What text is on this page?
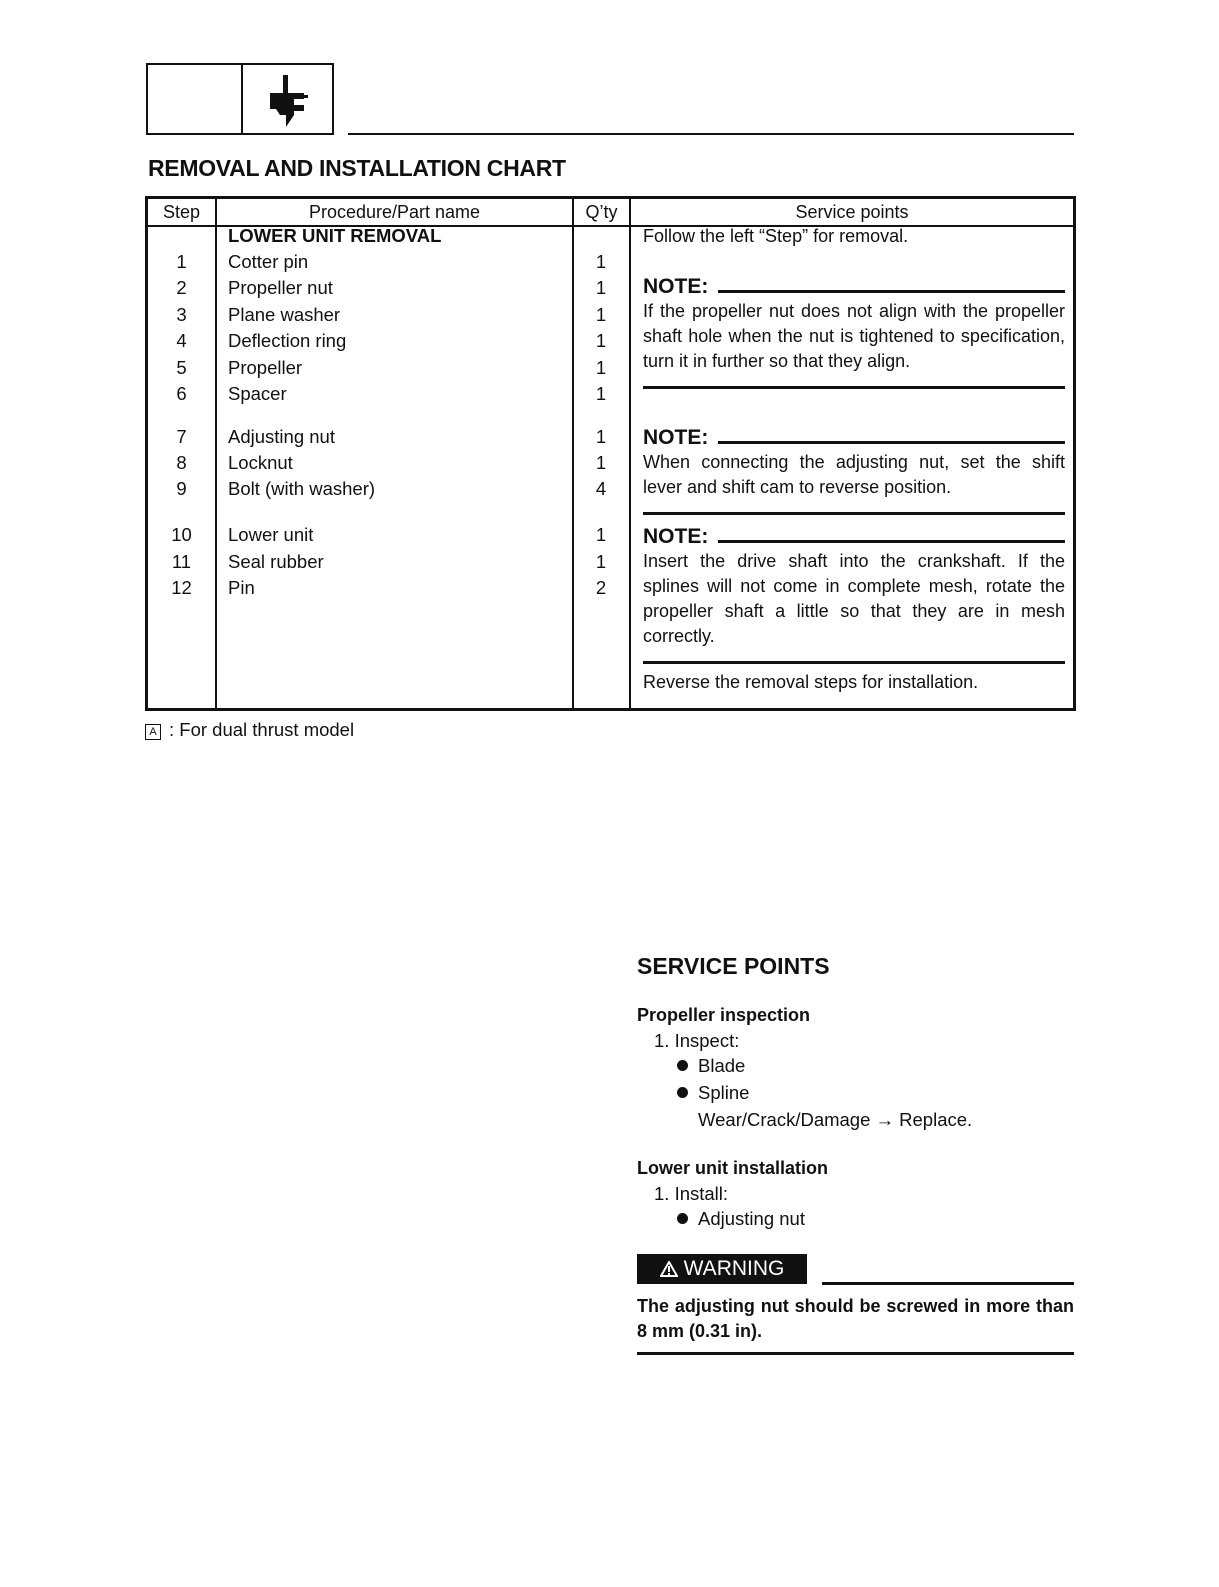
REMOVAL AND INSTALLATION CHART
Step	Procedure/Part name	Q’ty	Service points
LOWER UNIT REMOVAL
1	Cotter pin	1
2	Propeller nut	1
3	Plane washer	1
4	Deflection ring	1
5	Propeller	1
6	Spacer	1
7	Adjusting nut	1
8	Locknut	1
9	Bolt (with washer)	4
10	Lower unit	1
11	Seal rubber	1
12	Pin	2
Follow the left “Step” for removal.
NOTE:
If the propeller nut does not align with the propeller shaft hole when the nut is tightened to specification, turn it in further so that they align.
NOTE:
When connecting the adjusting nut, set the shift lever and shift cam to reverse position.
NOTE:
Insert the drive shaft into the crankshaft. If the splines will not come in complete mesh, rotate the propeller shaft a little so that they are in mesh correctly.
Reverse the removal steps for installation.
A : For dual thrust model
SERVICE POINTS
Propeller inspection
1. Inspect:
Blade
Spline
Wear/Crack/Damage → Replace.
Lower unit installation
1. Install:
Adjusting nut
WARNING
The adjusting nut should be screwed in more than 8 mm (0.31 in).
